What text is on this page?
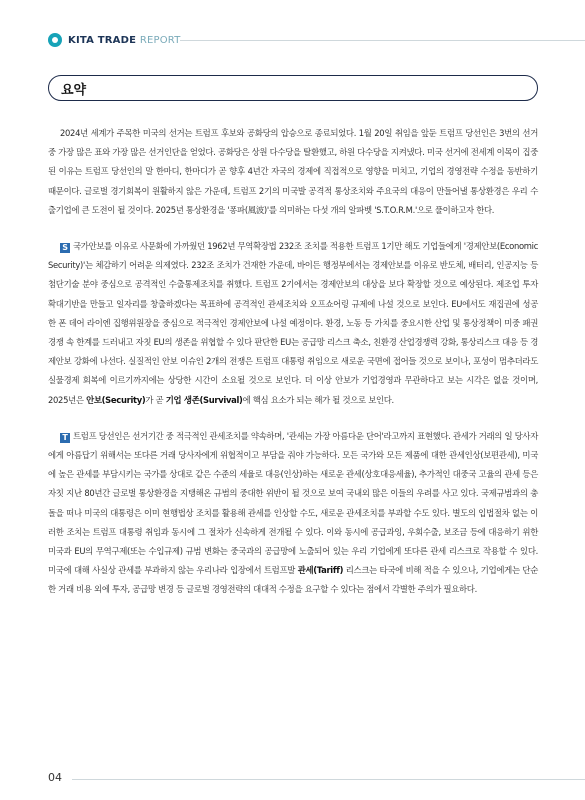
KITA TRADE REPORT
요약

2024년 세계가 주목한 미국의 선거는 트럼프 후보와 공화당의 압승으로 종료되었다. 1월 20일 취임을 앞둔 트럼프 당선인은 3번의 선거 중 가장 많은 표와 가장 많은 선거인단을 얻었다. 공화당은 상원 다수당을 탈환했고, 하원 다수당을 지켜냈다. 미국 선거에 전세계 이목이 집중된 이유는 트럼프 당선인의 말 한마디, 한마디가 곧 향후 4년간 자국의 경제에 직접적으로 영향을 미치고, 기업의 경영전략 수정을 동반하기 때문이다. 글로벌 경기회복이 원활하지 않은 가운데, 트럼프 2기의 미국발 공격적 통상조치와 주요국의 대응이 만들어낼 통상환경은 우리 수출기업에 큰 도전이 될 것이다. 2025년 통상환경을 '퐁파(風波)'를 의미하는 다섯 개의 알파벳 'S.T.O.R.M.'으로 풀이하고자 한다.

S 국가안보를 이유로 사문화에 가까웠던 1962년 무역확장법 232조 조치를 적용한 트럼프 1기만 해도 기업들에게 '경제안보(Economic Security)'는 체감하기 어려운 의제였다. 232조 조치가 건재한 가운데, 바이든 행정부에서는 경제안보를 이유로 반도체, 배터리, 인공지능 등 첨단기술 분야 중심으로 공격적인 수출통제조치를 취했다. 트럼프 2기에서는 경제안보의 대상을 보다 확장할 것으로 예상된다. 제조업 투자 확대기반을 만들고 일자리를 창출하겠다는 목표하에 공격적인 관세조치와 오프쇼어링 규제에 나설 것으로 보인다. EU에서도 재집권에 성공한 폰 데어 라이엔 집행위원장을 중심으로 적극적인 경제안보에 나설 예정이다. 환경, 노동 등 가치를 중요시한 산업 및 통상정책이 미중 패권 경쟁 속 한계를 드러내고 자칫 EU의 생존을 위협할 수 있다 판단한 EU는 공급망 리스크 축소, 친환경 산업경쟁력 강화, 통상리스크 대응 등 경제안보 강화에 나선다. 실질적인 안보 이슈인 2개의 전쟁은 트럼프 대통령 취임으로 새로운 국면에 접어들 것으로 보이나, 포성이 멈추더라도 실물경제 회복에 이르기까지에는 상당한 시간이 소요될 것으로 보인다. 더 이상 안보가 기업경영과 무관하다고 보는 시각은 없을 것이며, 2025년은 안보(Security)가 곧 기업 생존(Survival)에 핵심 요소가 되는 해가 될 것으로 보인다.

T 트럼프 당선인은 선거기간 중 적극적인 관세조치를 약속하며, '관세는 가장 아름다운 단어'라고까지 표현했다. 관세가 거래의 일 당사자에게 아름답기 위해서는 또다른 거래 당사자에게 위협적이고 부담을 줘야 가능하다. 모든 국가와 모든 제품에 대한 관세인상(보편관세), 미국에 높은 관세를 부담시키는 국가를 상대로 같은 수준의 세율로 대응(인상)하는 새로운 관세(상호대응세율), 추가적인 대중국 고율의 관세 등은 자칫 지난 80년간 글로벌 통상환경을 지탱해온 규범의 중대한 위반이 될 것으로 보여 국내외 많은 이들의 우려를 사고 있다. 국제규범과의 충돌을 떠나 미국의 대통령은 이미 현행법상 조치를 활용해 관세를 인상할 수도, 새로운 관세조치를 부과할 수도 있다. 별도의 입법절차 없는 이러한 조치는 트럼프 대통령 취임과 동시에 그 절차가 신속하게 전개될 수 있다. 이와 동시에 공급과잉, 우회수출, 보조금 등에 대응하기 위한 미국과 EU의 무역구제(또는 수입규제) 규범 변화는 중국과의 공급망에 노출되어 있는 우리 기업에게 또다른 관세 리스크로 작용할 수 있다. 미국에 대해 사실상 관세를 부과하지 않는 우리나라 입장에서 트럼프발 관세(Tariff) 리스크는 타국에 비해 적을 수 있으나, 기업에게는 단순한 거래 비용 외에 투자, 공급망 변경 등 글로벌 경영전략의 대대적 수정을 요구할 수 있다는 점에서 각별한 주의가 필요하다.

04
